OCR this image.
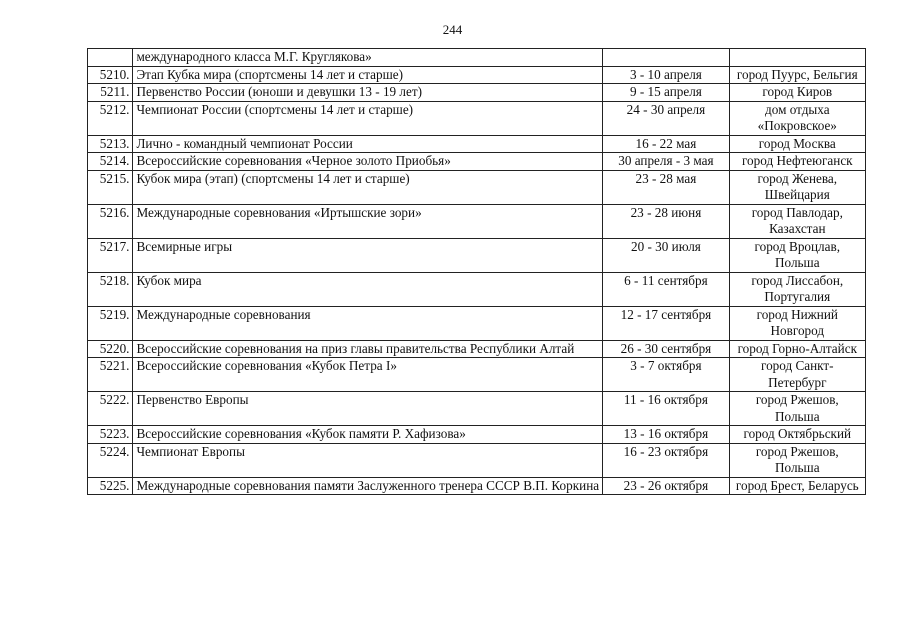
244
	международного класса М.Г. Круглякова»		
5210.	Этап Кубка мира (спортсмены 14 лет и старше)	3 - 10 апреля	город Пуурс, Бельгия
5211.	Первенство России (юноши и девушки 13 - 19 лет)	9 - 15 апреля	город Киров
5212.	Чемпионат России (спортсмены 14 лет и старше)	24 - 30 апреля	дом отдыха «Покровское»
5213.	Лично - командный чемпионат России	16 - 22 мая	город Москва
5214.	Всероссийские соревнования «Черное золото Приобья»	30 апреля - 3 мая	город Нефтеюганск
5215.	Кубок мира (этап) (спортсмены 14 лет и старше)	23 - 28 мая	город Женева, Швейцария
5216.	Международные соревнования «Иртышские зори»	23 - 28 июня	город Павлодар, Казахстан
5217.	Всемирные игры	20 - 30 июля	город Вроцлав, Польша
5218.	Кубок мира	6 - 11 сентября	город Лиссабон, Португалия
5219.	Международные соревнования	12 - 17 сентября	город Нижний Новгород
5220.	Всероссийские соревнования на приз главы правительства Республики Алтай	26 - 30 сентября	город Горно-Алтайск
5221.	Всероссийские соревнования «Кубок Петра I»	3 - 7 октября	город Санкт-Петербург
5222.	Первенство Европы	11 - 16 октября	город Ржешов, Польша
5223.	Всероссийские соревнования «Кубок памяти Р. Хафизова»	13 - 16 октября	город Октябрьский
5224.	Чемпионат Европы	16 - 23 октября	город Ржешов, Польша
5225.	Международные соревнования памяти Заслуженного тренера СССР В.П. Коркина	23 - 26 октября	город Брест, Беларусь
